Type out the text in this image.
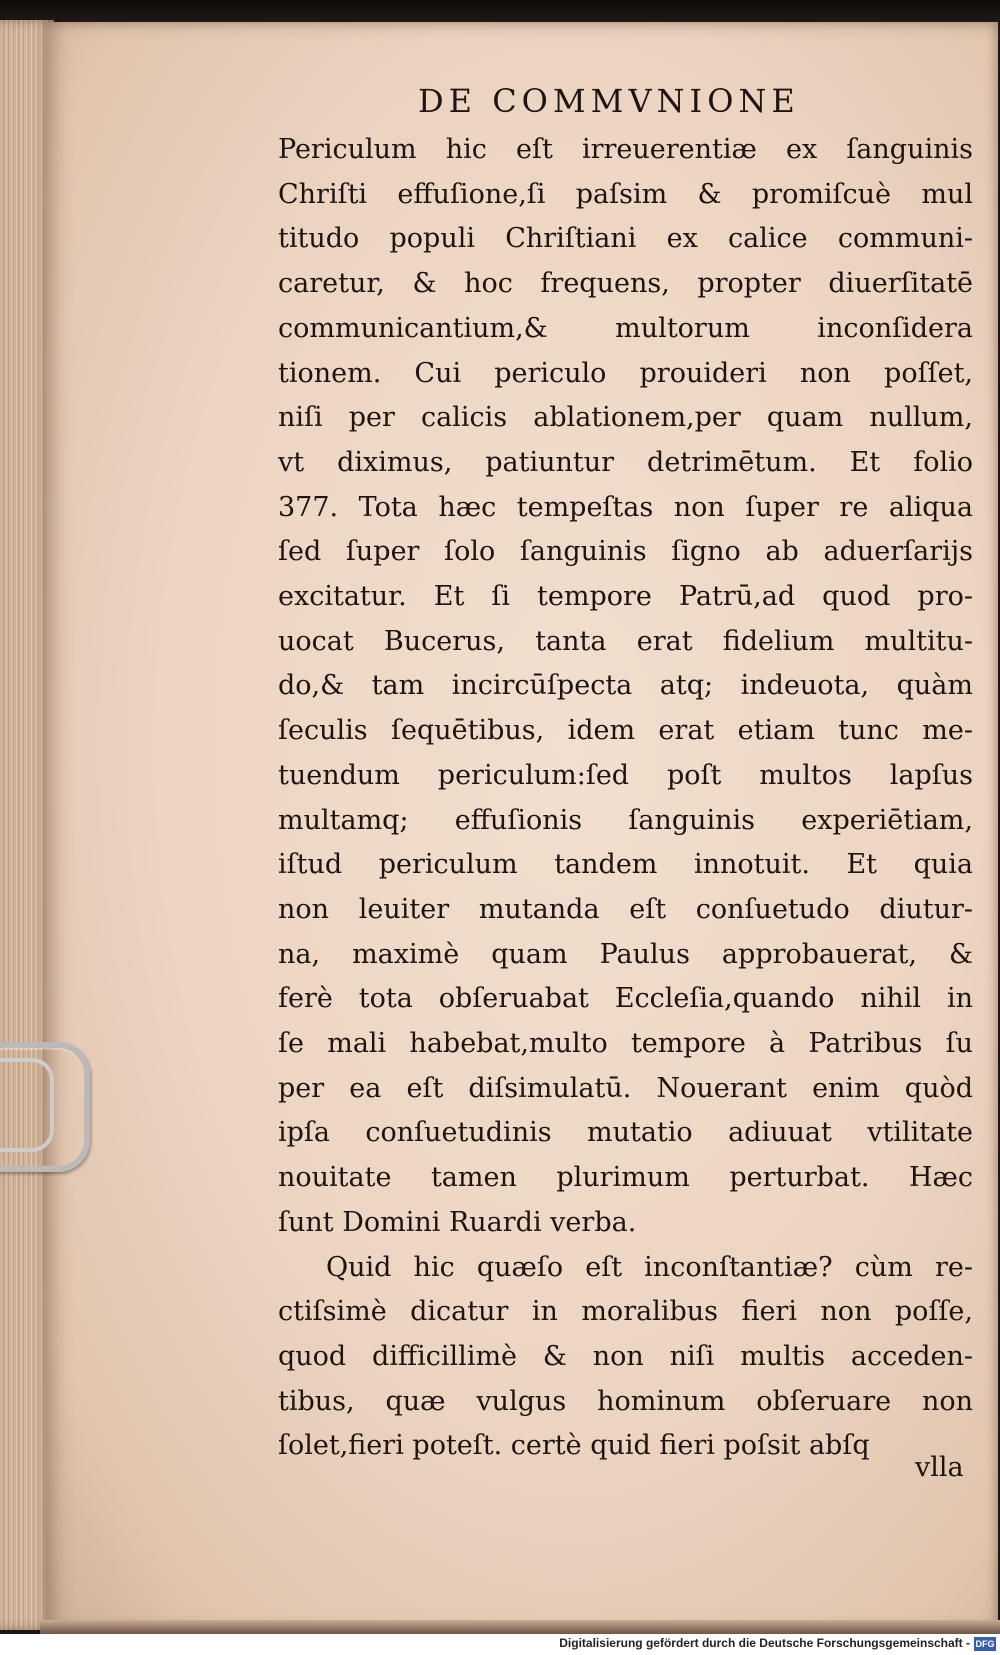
DE COMMVNIONE
Periculum hic eſt irreuerentiæ ex ſanguinis
Chriſti effuſione,ſi paſsim & promiſcuè mul
titudo populi Chriſtiani ex calice communi-
caretur, & hoc frequens, propter diuerſitatē
communicantium,& multorum inconſidera
tionem. Cui periculo prouideri non poſſet,
niſi per calicis ablationem,per quam nullum,
vt diximus, patiuntur detrimētum. Et folio
377. Tota hæc tempeſtas non ſuper re aliqua
ſed ſuper ſolo ſanguinis ſigno ab aduerſarijs
excitatur. Et ſi tempore Patrū,ad quod pro-
uocat Bucerus, tanta erat fidelium multitu-
do,& tam incircūſpecta atq; indeuota, quàm
ſeculis ſequētibus, idem erat etiam tunc me-
tuendum periculum:ſed poſt multos lapſus
multamq; effuſionis ſanguinis experiētiam,
iſtud periculum tandem innotuit. Et quia
non leuiter mutanda eſt conſuetudo diutur-
na, maximè quam Paulus approbauerat, &
ferè tota obſeruabat Eccleſia,quando nihil in
ſe mali habebat,multo tempore à Patribus ſu
per ea eſt diſsimulatū. Nouerant enim quòd
ipſa conſuetudinis mutatio adiuuat vtilitate
nouitate tamen plurimum perturbat. Hæc
ſunt Domini Ruardi verba.
Quid hic quæſo eſt inconſtantiæ? cùm re-
ctiſsimè dicatur in moralibus fieri non poſſe,
quod difficillimè & non niſi multis acceden-
tibus, quæ vulgus hominum obſeruare non
ſolet,fieri poteſt. certè quid fieri poſsit abſq
vlla
Digitalisierung gefördert durch die Deutsche Forschungsgemeinschaft - DFG
